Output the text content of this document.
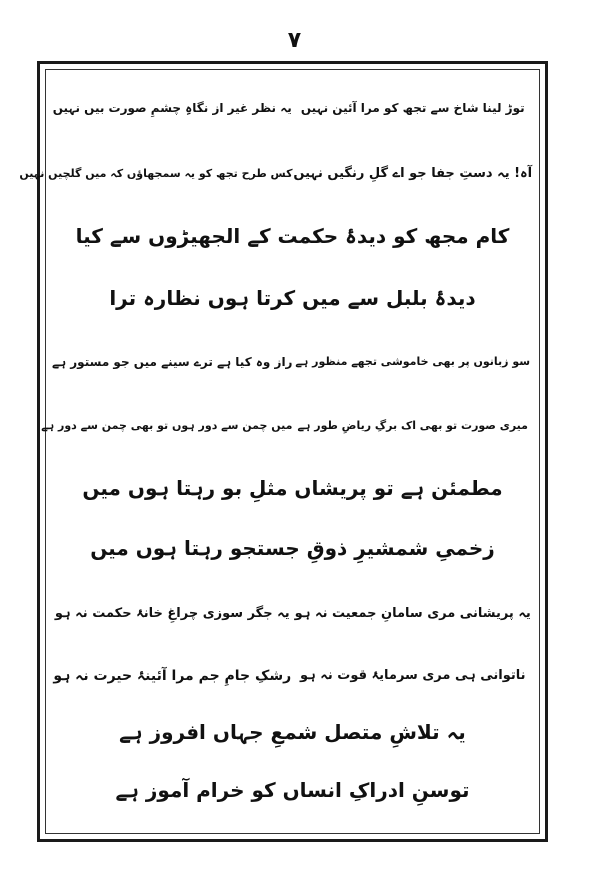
۷
توڑ لینا شاخ سے تجھ کو مرا آئین نہیں
یہ نظر غیر از نگاہِ چشمِ صورت بیں نہیں
آہ! یہ دستِ جفا جو اے گلِ رنگیں نہیں
کس طرح تجھ کو یہ سمجھاؤں کہ میں گلچیں نہیں
کام مجھ کو دیدۂ حکمت کے الجھیڑوں سے کیا
دیدۂ بلبل سے میں کرتا ہوں نظارہ ترا
سو زبانوں پر بھی خاموشی تجھے منظور ہے
راز وہ کیا ہے ترے سینے میں جو مستور ہے
میری صورت تو بھی اک برگِ ریاضِ طور ہے
میں چمن سے دور ہوں تو بھی چمن سے دور ہے
مطمئن ہے تو پریشاں مثلِ بو رہتا ہوں میں
زخمیِ شمشیرِ ذوقِ جستجو رہتا ہوں میں
یہ پریشانی مری سامانِ جمعیت نہ ہو
یہ جگر سوزی چراغِ خانۂ حکمت نہ ہو
ناتوانی ہی مری سرمایۂ قوت نہ ہو
رشکِ جامِ جم مرا آئینۂ حیرت نہ ہو
یہ تلاشِ متصل شمعِ جہاں افروز ہے
توسنِ ادراکِ انساں کو خرام آموز ہے
